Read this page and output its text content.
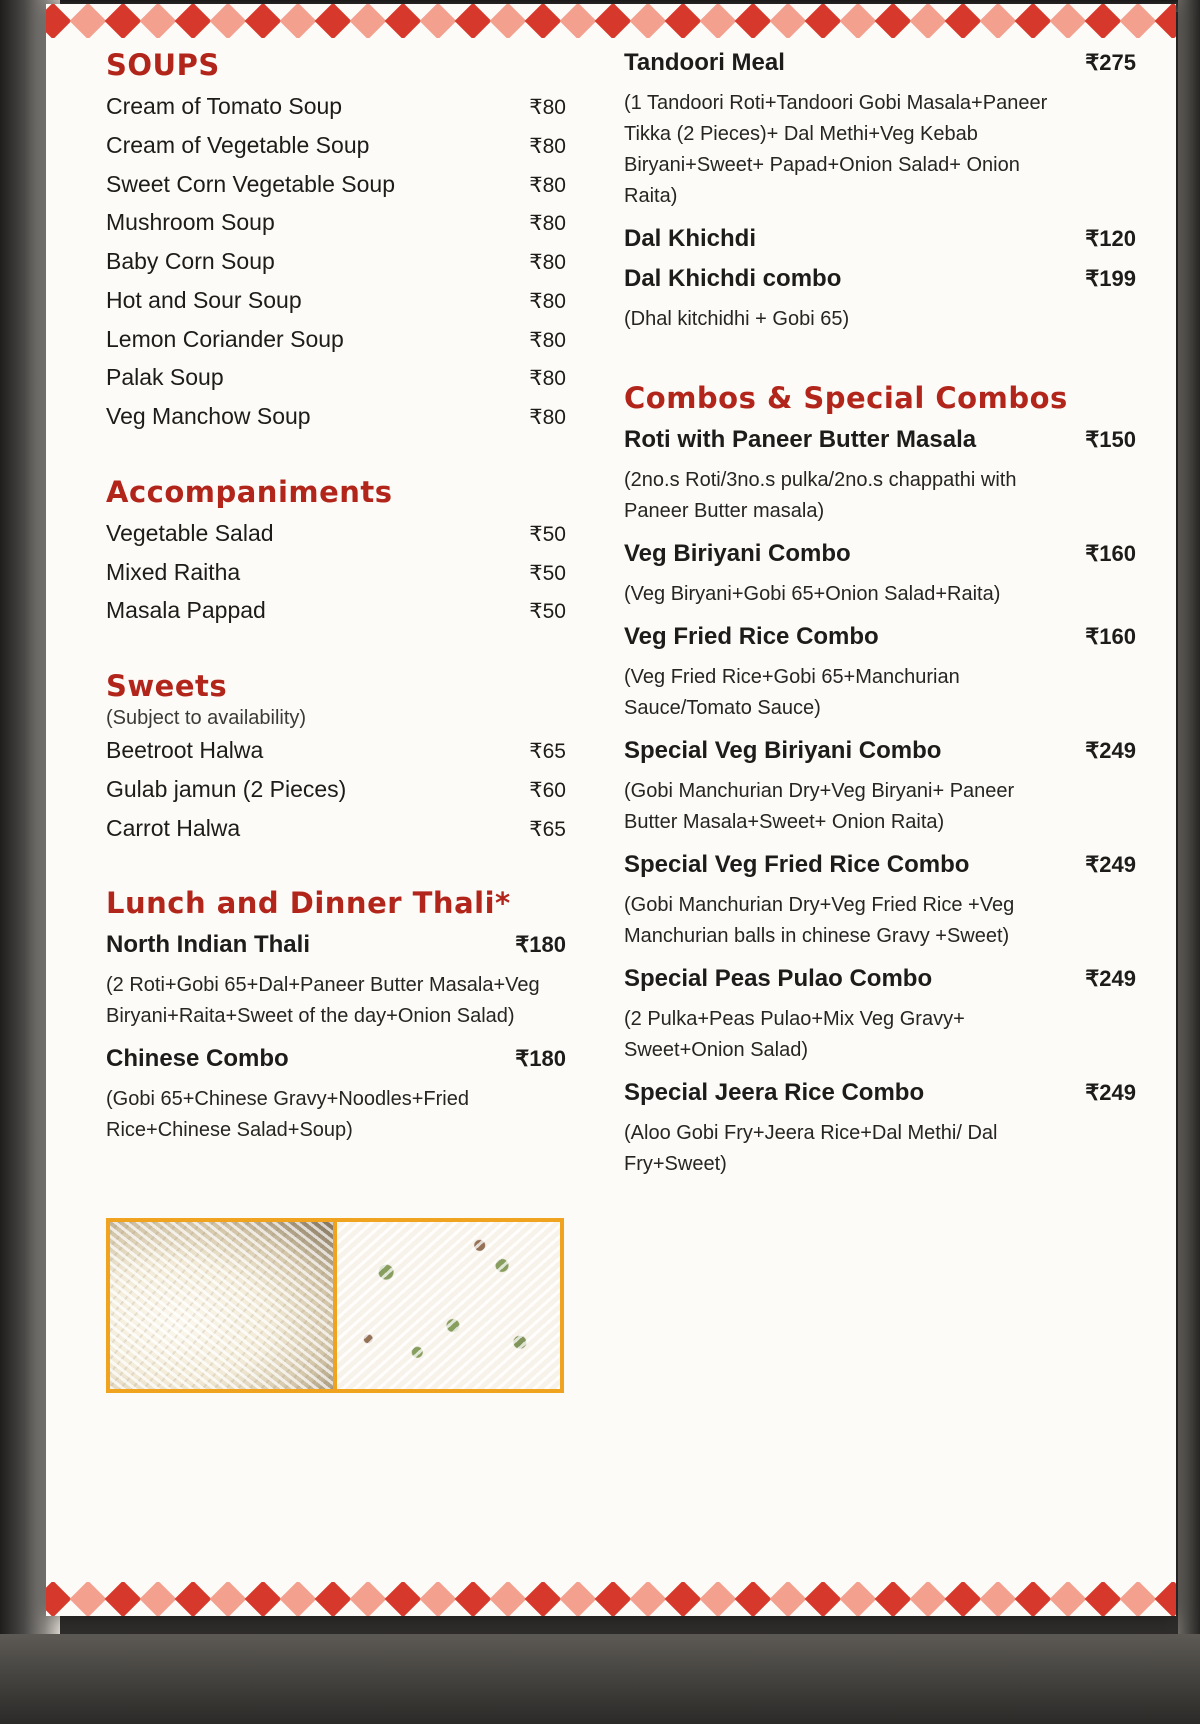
SOUPS
Cream of Tomato Soup	₹80
Cream of Vegetable Soup	₹80
Sweet Corn Vegetable Soup	₹80
Mushroom Soup	₹80
Baby Corn Soup	₹80
Hot and Sour Soup	₹80
Lemon Coriander Soup	₹80
Palak Soup	₹80
Veg Manchow Soup	₹80
Accompaniments
Vegetable Salad	₹50
Mixed Raitha	₹50
Masala Pappad	₹50
Sweets
(Subject to availability)
Beetroot Halwa	₹65
Gulab jamun (2 Pieces)	₹60
Carrot Halwa	₹65
Lunch and Dinner Thali*
North Indian Thali	₹180
(2 Roti+Gobi 65+Dal+Paneer Butter Masala+Veg Biryani+Raita+Sweet of the day+Onion Salad)
Chinese Combo	₹180
(Gobi 65+Chinese Gravy+Noodles+Fried Rice+Chinese Salad+Soup)
Tandoori Meal	₹275
(1 Tandoori Roti+Tandoori Gobi Masala+Paneer Tikka (2 Pieces)+ Dal Methi+Veg Kebab Biryani+Sweet+ Papad+Onion Salad+ Onion Raita)
Dal Khichdi	₹120
Dal Khichdi combo	₹199
(Dhal kitchidhi + Gobi 65)
Combos & Special Combos
Roti with Paneer Butter Masala	₹150
(2no.s Roti/3no.s pulka/2no.s chappathi with Paneer Butter masala)
Veg Biriyani Combo	₹160
(Veg Biryani+Gobi 65+Onion Salad+Raita)
Veg Fried Rice Combo	₹160
(Veg Fried Rice+Gobi 65+Manchurian Sauce/Tomato Sauce)
Special Veg Biriyani Combo	₹249
(Gobi Manchurian Dry+Veg Biryani+ Paneer Butter Masala+Sweet+ Onion Raita)
Special Veg Fried Rice Combo	₹249
(Gobi Manchurian Dry+Veg Fried Rice +Veg Manchurian balls in chinese Gravy +Sweet)
Special Peas Pulao Combo	₹249
(2 Pulka+Peas Pulao+Mix Veg Gravy+ Sweet+Onion Salad)
Special Jeera Rice Combo	₹249
(Aloo Gobi Fry+Jeera Rice+Dal Methi/ Dal Fry+Sweet)
